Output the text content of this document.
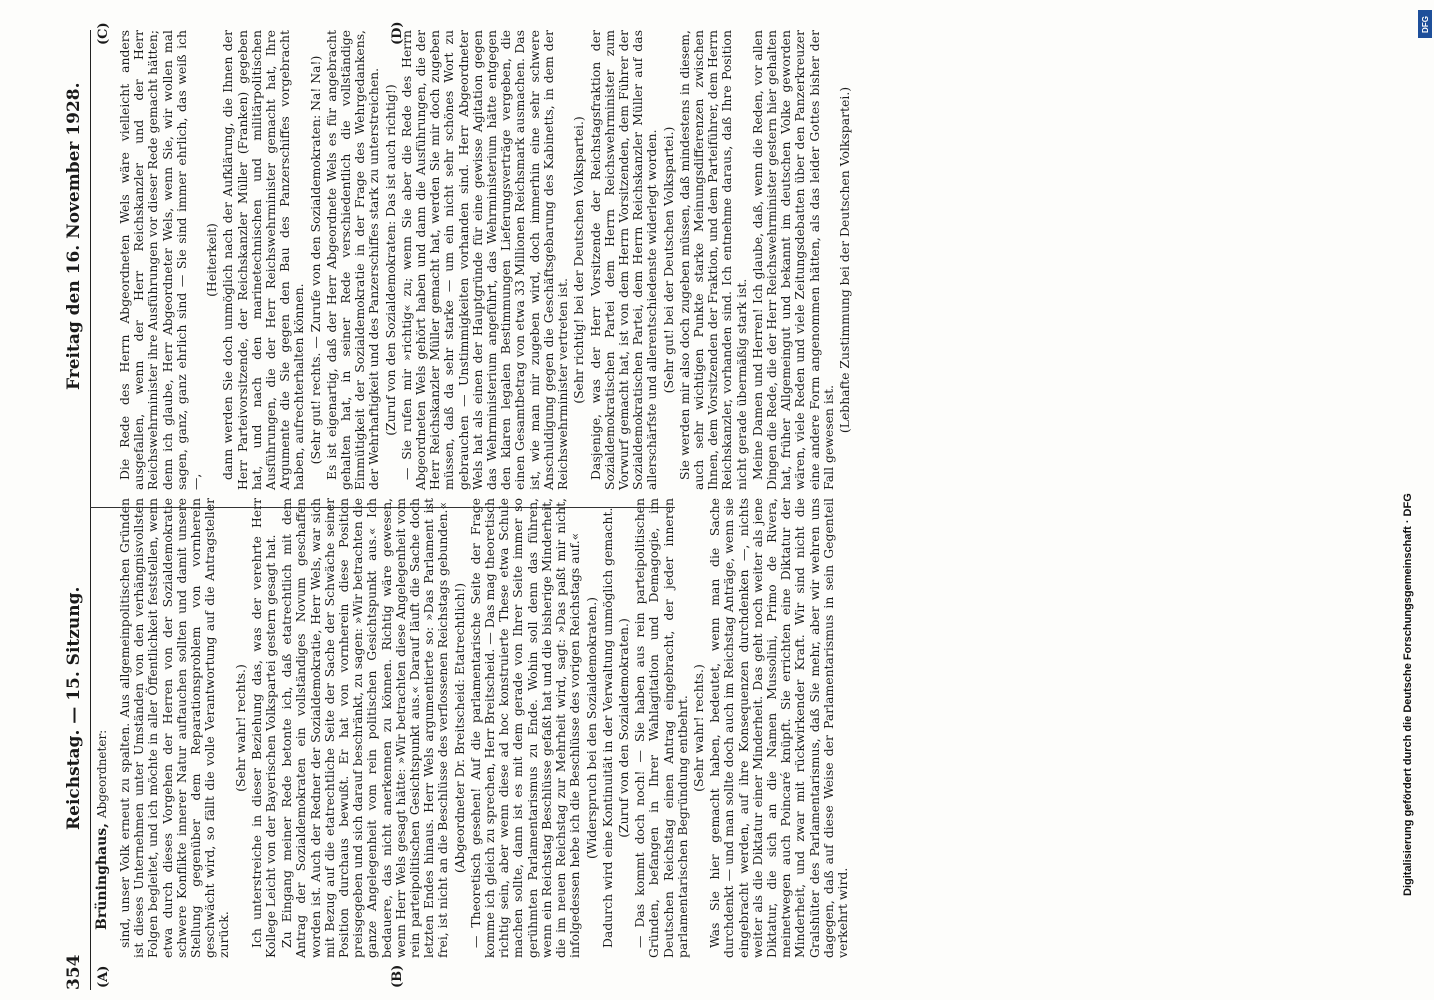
354
Reichstag. — 15. Sitzung.
Freitag den 16. November 1928.
Brüninghaus, Abgeordneter:
(A)	(B)
(C)	(D)

sind, unser Volk erneut zu spalten. Aus allgemeinpolitischen Gründen ist dieses Unternehmen unter Umständen von den verhängnisvollsten Folgen begleitet, und ich möchte in aller Öffentlichkeit feststellen, wenn etwa durch dieses Vorgehen der Herren von der Sozialdemokratie schwere Konflikte innerer Natur auftauchen sollten und damit unsere Stellung gegenüber dem Reparationsproblem von vornherein geschwächt wird, so fällt die volle Verantwortung auf die Antragsteller zurück.

(Sehr wahr! rechts.) Ich unterstreiche in dieser Beziehung das, was der verehrte Herr Kollege Leicht von der Bayerischen Volkspartei gestern gesagt hat. Zu Eingang meiner Rede betonte ich, daß etatrechtlich mit dem Antrag der Sozialdemokraten ein vollständiges Novum geschaffen worden ist. Auch der Redner der Sozialdemokratie, Herr Wels, war sich mit Bezug auf die etatrechtliche Seite der Sache der Schwäche seiner Position durchaus bewußt. Er hat von vornherein diese Position preisgegeben und sich darauf beschränkt, zu sagen: »Wir betrachten die ganze Angelegenheit vom rein politischen Gesichtspunkt aus.« Ich bedauere, das nicht anerkennen zu können. Richtig wäre gewesen, wenn Herr Wels gesagt hätte: »Wir betrachten diese Angelegenheit vom rein parteipolitischen Gesichtspunkt aus.« Darauf läuft die Sache doch letzten Endes hinaus. Herr Wels argumentierte so: »Das Parlament ist frei, ist nicht an die Beschlüsse des verflossenen Reichstags gebunden.« (Abgeordneter Dr. Breitscheid: Etatrechtlich!) — Theoretisch gesehen! Auf die parlamentarische Seite der Frage komme ich gleich zu sprechen, Herr Breitscheid. — Das mag theoretisch richtig sein, aber wenn diese ad hoc konstruierte These etwa Schule machen sollte, dann ist es mit dem gerade von Ihrer Seite immer so gerühmten Parlamentarismus zu Ende. Wohin soll denn das führen, wenn ein Reichstag Beschlüsse gefaßt hat und die bisherige Minderheit, die im neuen Reichstag zur Mehrheit wird, sagt: »Das paßt mir nicht, infolgedessen hebe ich die Beschlüsse des vorigen Reichstags auf.« (Widerspruch bei den Sozialdemokraten.) Dadurch wird eine Kontinuität in der Verwaltung unmöglich gemacht. (Zuruf von den Sozialdemokraten.) — Das kommt doch noch! — Sie haben aus rein parteipolitischen Gründen, befangen in Ihrer Wahlagitation und Demagogie, im Deutschen Reichstag einen Antrag eingebracht, der jeder inneren parlamentarischen Begründung entbehrt. (Sehr wahr! rechts.) Was Sie hier gemacht haben, bedeutet, wenn man die Sache durchdenkt — und man sollte doch auch im Reichstag Anträge, wenn sie eingebracht werden, auf ihre Konsequenzen durchdenken —, nichts weiter als die Diktatur einer Minderheit. Das geht noch weiter als jene Diktatur, die sich an die Namen Mussolini, Primo de Rivera, meinetwegen auch Poincaré knüpft. Sie errichten eine Diktatur der Minderheit, und zwar mit rückwirkender Kraft. Wir sind nicht die Gralshüter des Parlamentarismus, daß Sie mehr, aber wir wehren uns dagegen, daß auf diese Weise der Parlamentarismus in sein Gegenteil verkehrt wird.

Die Rede des Herrn Abgeordneten Wels wäre vielleicht anders ausgefallen, wenn der Herr Reichskanzler und der Herr Reichswehrminister ihre Ausführungen vor dieser Rede gemacht hätten; denn ich glaube, Herr Abgeordneter Wels, wenn Sie, wir wollen mal sagen, ganz, ganz ehrlich sind — Sie sind immer ehrlich, das weiß ich —,

(Heiterkeit) dann werden Sie doch unmöglich nach der Aufklärung, die Ihnen der Herr Parteivorsitzende, der Reichskanzler Müller (Franken) gegeben hat, und nach den marinetechnischen und militärpolitischen Ausführungen, die der Herr Reichswehrminister gemacht hat, Ihre Argumente die Sie gegen den Bau des Panzerschiffes vorgebracht haben, aufrechterhalten können. (Sehr gut! rechts. — Zurufe von den Sozialdemokraten: Na! Na!) Es ist eigenartig, daß der Herr Abgeordnete Wels es für angebracht gehalten hat, in seiner Rede verschiedentlich die vollständige Einmütigkeit der Sozialdemokratie in der Frage des Wehrgedankens, der Wehrhaftigkeit und des Panzerschiffes stark zu unterstreichen. (Zuruf von den Sozialdemokraten: Das ist auch richtig!) — Sie rufen mir »richtig« zu; wenn Sie aber die Rede des Herrn Abgeordneten Wels gehört haben und dann die Ausführungen, die der Herr Reichskanzler Müller gemacht hat, werden Sie mir doch zugeben müssen, daß da sehr starke — um ein nicht sehr schönes Wort zu gebrauchen — Unstimmigkeiten vorhanden sind. Herr Abgeordneter Wels hat als einen der Hauptgründe für eine gewisse Agitation gegen das Wehrministerium angeführt, das Wehrministerium hätte entgegen den klaren legalen Bestimmungen Lieferungsverträge vergeben, die einen Gesamtbetrag von etwa 33 Millionen Reichsmark ausmachen. Das ist, wie man mir zugeben wird, doch immerhin eine sehr schwere Anschuldigung gegen die Geschäftsgebarung des Kabinetts, in dem der Reichswehrminister vertreten ist. (Sehr richtig! bei der Deutschen Volkspartei.) Dasjenige, was der Herr Vorsitzende der Reichstagsfraktion der Sozialdemokratischen Partei dem Herrn Reichswehrminister zum Vorwurf gemacht hat, ist von dem Herrn Vorsitzenden, dem Führer der Sozialdemokratischen Partei, dem Herrn Reichskanzler Müller auf das allerschärfste und allerentschiedenste widerlegt worden. (Sehr gut! bei der Deutschen Volkspartei.) Sie werden mir also doch zugeben müssen, daß mindestens in diesem, auch sehr wichtigen Punkte starke Meinungsdifferenzen zwischen Ihnen, dem Vorsitzenden der Fraktion, und dem Parteiführer, dem Herrn Reichskanzler, vorhanden sind. Ich entnehme daraus, daß Ihre Position nicht gerade übermäßig stark ist. Meine Damen und Herren! Ich glaube, daß, wenn die Reden, vor allen Dingen die Rede, die der Herr Reichswehrminister gestern hier gehalten hat, früher Allgemeingut und bekannt im deutschen Volke geworden wären, viele Reden und viele Zeitungsdebatten über den Panzerkreuzer eine andere Form angenommen hätten, als das leider Gottes bisher der Fall gewesen ist.

(Lebhafte Zustimmung bei der Deutschen Volkspartei.)

Digitalisierung gefördert durch die Deutsche Forschungsgemeinschaft · DFG
DFG
